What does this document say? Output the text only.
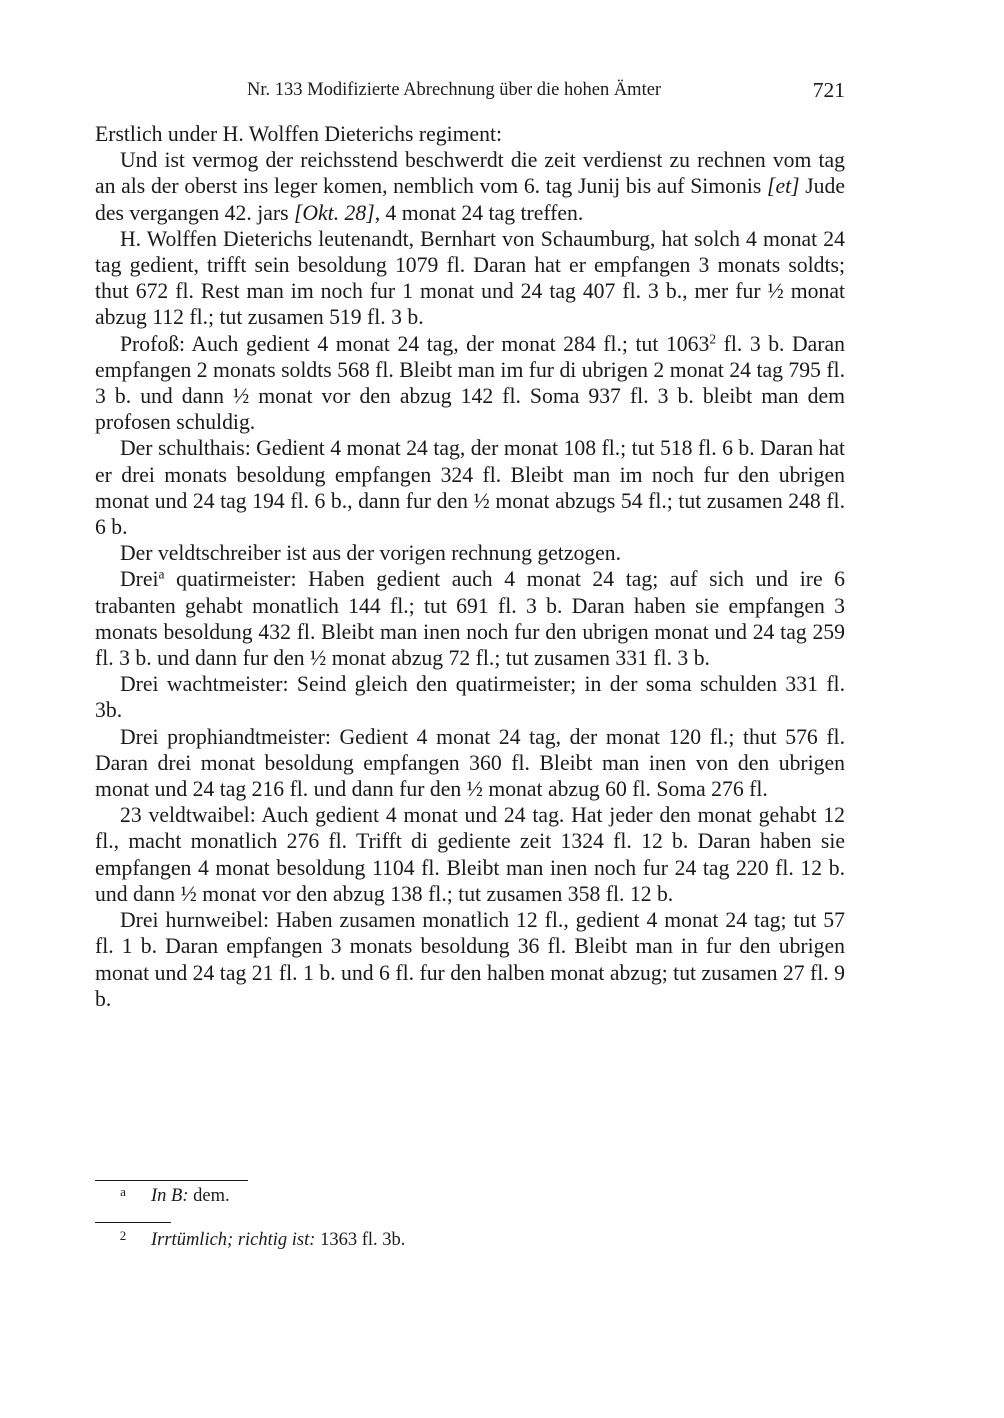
Nr. 133 Modifizierte Abrechnung über die hohen Ämter	721

Erstlich under H. Wolffen Dieterichs regiment:

Und ist vermog der reichsstend beschwerdt die zeit verdienst zu rechnen vom tag an als der oberst ins leger komen, nemblich vom 6. tag Junij bis auf Simonis [et] Jude des vergangen 42. jars [Okt. 28], 4 monat 24 tag treffen.

H. Wolffen Dieterichs leutenandt, Bernhart von Schaumburg, hat solch 4 monat 24 tag gedient, trifft sein besoldung 1079 fl. Daran hat er empfangen 3 monats soldts; thut 672 fl. Rest man im noch fur 1 monat und 24 tag 407 fl. 3 b., mer fur ½ monat abzug 112 fl.; tut zusamen 519 fl. 3 b.

Profoß: Auch gedient 4 monat 24 tag, der monat 284 fl.; tut 1063$^2$ fl. 3 b. Daran empfangen 2 monats soldts 568 fl. Bleibt man im fur di ubrigen 2 monat 24 tag 795 fl. 3 b. und dann ½ monat vor den abzug 142 fl. Soma 937 fl. 3 b. bleibt man dem profosen schuldig.

Der schulthais: Gedient 4 monat 24 tag, der monat 108 fl.; tut 518 fl. 6 b. Daran hat er drei monats besoldung empfangen 324 fl. Bleibt man im noch fur den ubrigen monat und 24 tag 194 fl. 6 b., dann fur den ½ monat abzugs 54 fl.; tut zusamen 248 fl. 6 b.

Der veldtschreiber ist aus der vorigen rechnung getzogen.

Drei$^a$ quatirmeister: Haben gedient auch 4 monat 24 tag; auf sich und ire 6 trabanten gehabt monatlich 144 fl.; tut 691 fl. 3 b. Daran haben sie empfangen 3 monats besoldung 432 fl. Bleibt man inen noch fur den ubrigen monat und 24 tag 259 fl. 3 b. und dann fur den ½ monat abzug 72 fl.; tut zusamen 331 fl. 3 b.

Drei wachtmeister: Seind gleich den quatirmeister; in der soma schulden 331 fl. 3b.

Drei prophiandtmeister: Gedient 4 monat 24 tag, der monat 120 fl.; thut 576 fl. Daran drei monat besoldung empfangen 360 fl. Bleibt man inen von den ubrigen monat und 24 tag 216 fl. und dann fur den ½ monat abzug 60 fl. Soma 276 fl.

23 veldtwaibel: Auch gedient 4 monat und 24 tag. Hat jeder den monat gehabt 12 fl., macht monatlich 276 fl. Trifft di gediente zeit 1324 fl. 12 b. Daran haben sie empfangen 4 monat besoldung 1104 fl. Bleibt man inen noch fur 24 tag 220 fl. 12 b. und dann ½ monat vor den abzug 138 fl.; tut zusamen 358 fl. 12 b.

Drei hurnweibel: Haben zusamen monatlich 12 fl., gedient 4 monat 24 tag; tut 57 fl. 1 b. Daran empfangen 3 monats besoldung 36 fl. Bleibt man in fur den ubrigen monat und 24 tag 21 fl. 1 b. und 6 fl. fur den halben monat abzug; tut zusamen 27 fl. 9 b.

a In B: dem.
2 Irrtümlich; richtig ist: 1363 fl. 3b.
